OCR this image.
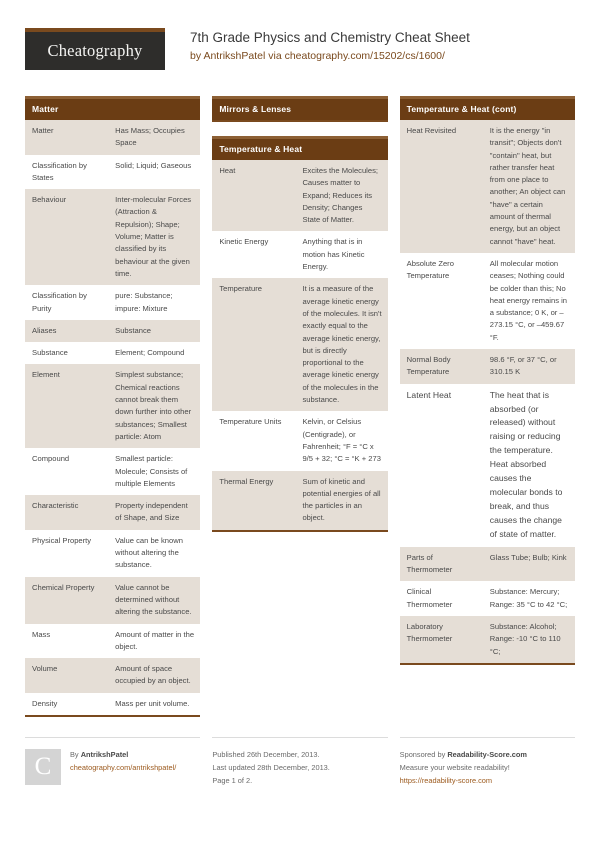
Cheatography
7th Grade Physics and Chemistry Cheat Sheet
by AntrikshPatel via cheatography.com/15202/cs/1600/
Matter
Matter	Has Mass; Occupies Space
Classification by States	Solid; Liquid; Gaseous
Behaviour	Inter-molecular Forces (Attraction & Repulsion); Shape; Volume; Matter is classified by its behaviour at the given time.
Classification by Purity	pure: Substance; impure: Mixture
Aliases	Substance
Substance	Element; Compound
Element	Simplest substance; Chemical reactions cannot break them down further into other substances; Smallest particle: Atom
Compound	Smallest particle: Molecule; Consists of multiple Elements
Characteristic	Property independent of Shape, and Size
Physical Property	Value can be known without altering the substance.
Chemical Property	Value cannot be determined without altering the substance.
Mass	Amount of matter in the object.
Volume	Amount of space occupied by an object.
Density	Mass per unit volume.
Mirrors & Lenses
Temperature & Heat
Heat	Excites the Molecules; Causes matter to Expand; Reduces its Density; Changes State of Matter.
Kinetic Energy	Anything that is in motion has Kinetic Energy.
Temperature	It is a measure of the average kinetic energy of the molecules. It isn't exactly equal to the average kinetic energy, but is directly proportional to the average kinetic energy of the molecules in the substance.
Temperature Units	Kelvin, or Celsius (Centigrade), or Fahrenheit; °F = °C x 9/5 + 32; °C = °K + 273
Thermal Energy	Sum of kinetic and potential energies of all the particles in an object.
Temperature & Heat (cont)
Heat Revisited	It is the energy "in transit"; Objects don't "contain" heat, but rather transfer heat from one place to another; An object can "have" a certain amount of thermal energy, but an object cannot "have" heat.
Absolute Zero Temperature	All molecular motion ceases; Nothing could be colder than this; No heat energy remains in a substance; 0 K, or –273.15 °C, or –459.67 °F.
Normal Body Temperature	98.6 °F, or 37 °C, or 310.15 K
Latent Heat	The heat that is absorbed (or released) without raising or reducing the temperature. Heat absorbed causes the molecular bonds to break, and thus causes the change of state of matter.
Parts of Thermometer	Glass Tube; Bulb; Kink
Clinical Thermometer	Substance: Mercury; Range: 35 °C to 42 °C;
Laboratory Thermometer	Substance: Alcohol; Range: -10 °C to 110 °C;
C	By AntrikshPatel
cheatography.com/antrikshpatel/
Published 26th December, 2013.
Last updated 28th December, 2013.
Page 1 of 2.
Sponsored by Readability-Score.com
Measure your website readability!
https://readability-score.com
